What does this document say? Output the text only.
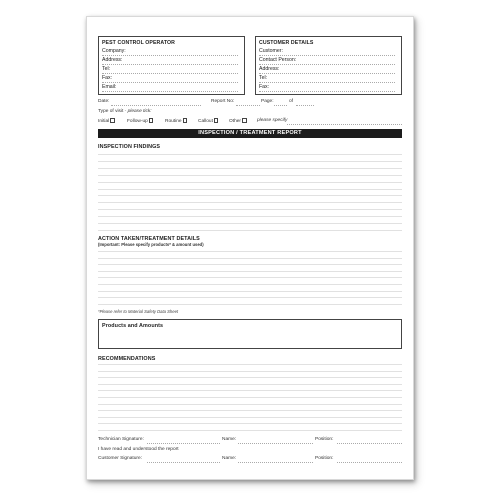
PEST CONTROL OPERATOR
Company:
Address:
Tel:
Fax:
Email:
CUSTOMER DETAILS
Customer:
Contact Person:
Address:
Tel:
Fax:
Date:	Report No:	Page:	of
Type of visit - please tick:
Initial	Follow-up	Routine	Callout	Other	please specify
INSPECTION / TREATMENT REPORT
INSPECTION FINDINGS
ACTION TAKEN/TREATMENT DETAILS
(Important: Please specify products* & amount used)
*Please refer to Material Safety Data Sheet
Products and Amounts
RECOMMENDATIONS
Technician Signature:	Name:	Position:
I have read and understood the report
Customer Signature:	Name:	Position:
